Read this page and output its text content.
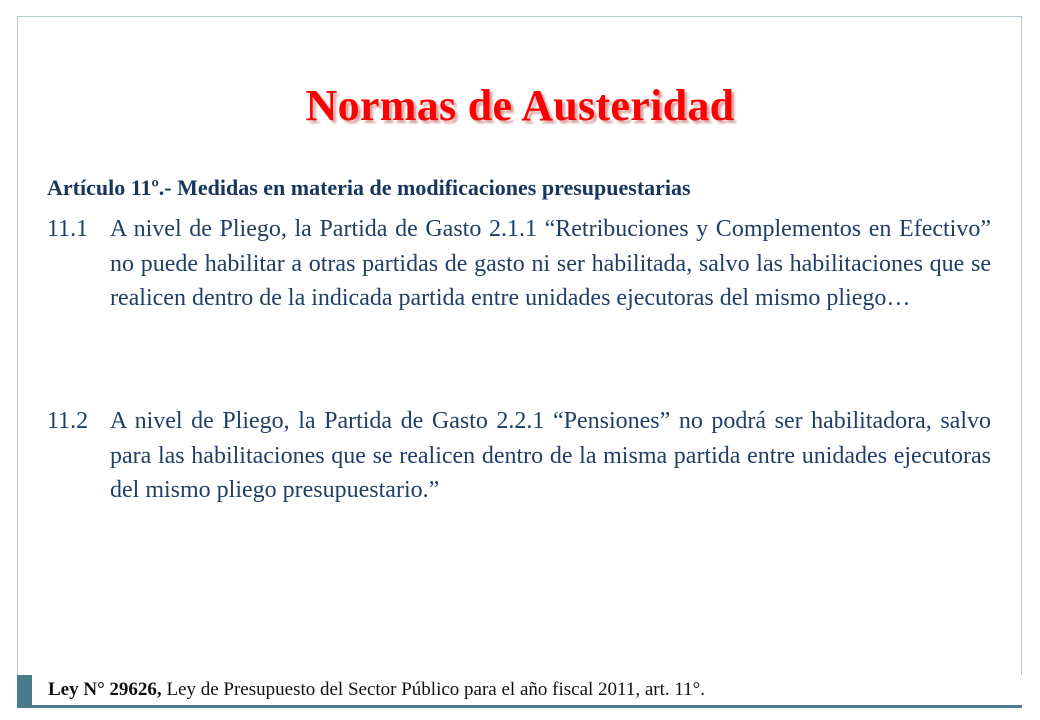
Normas de Austeridad
Artículo 11º.- Medidas en materia de modificaciones presupuestarias
11.1 A nivel de Pliego, la Partida de Gasto 2.1.1 “Retribuciones y Complementos en Efectivo” no puede habilitar a otras partidas de gasto ni ser habilitada, salvo las habilitaciones que se realicen dentro de la indicada partida entre unidades ejecutoras del mismo pliego…
11.2 A nivel de Pliego, la Partida de Gasto 2.2.1 “Pensiones” no podrá ser habilitadora, salvo para las habilitaciones que se realicen dentro de la misma partida entre unidades ejecutoras del mismo pliego presupuestario.”
Ley N° 29626, Ley de Presupuesto del Sector Público para el año fiscal 2011, art. 11°.
